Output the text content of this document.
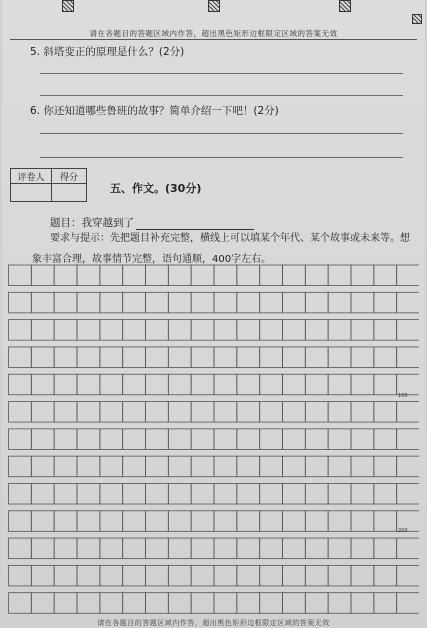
请在各题目的答题区域内作答，超出黑色矩形边框限定区域的答案无效
5. 斜塔变正的原理是什么？(2分)
6. 你还知道哪些鲁班的故事？简单介绍一下吧！(2分)
评卷人	得分

五、作文。(30分)
题目：我穿越到了
要求与提示：先把题目补充完整，横线上可以填某个年代、某个故事或未来等。想象丰富合理，故事情节完整，语句通顺，400字左右。
100
200
请在各题目的答题区域内作答，超出黑色矩形边框限定区域的答案无效
